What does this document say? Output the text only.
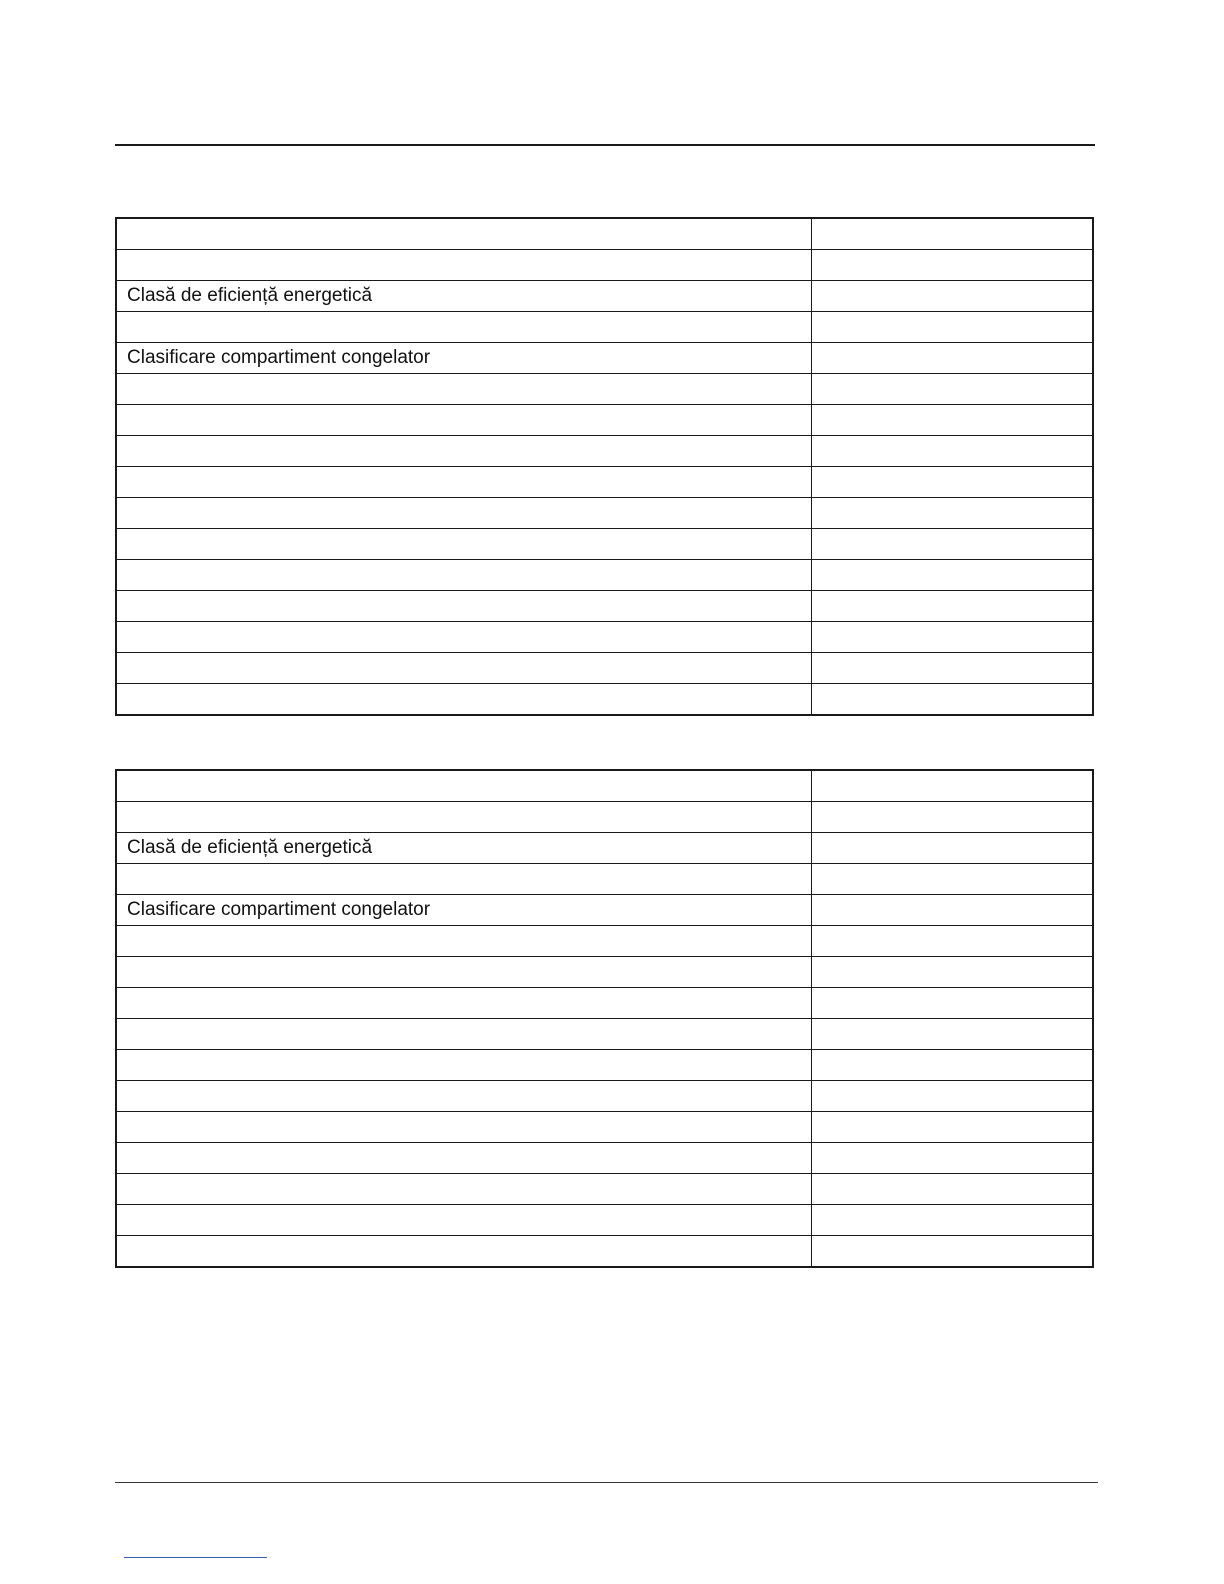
Clasă de eficiență energetică	

Clasificare compartiment congelator	

Clasă de eficiență energetică	

Clasificare compartiment congelator	
